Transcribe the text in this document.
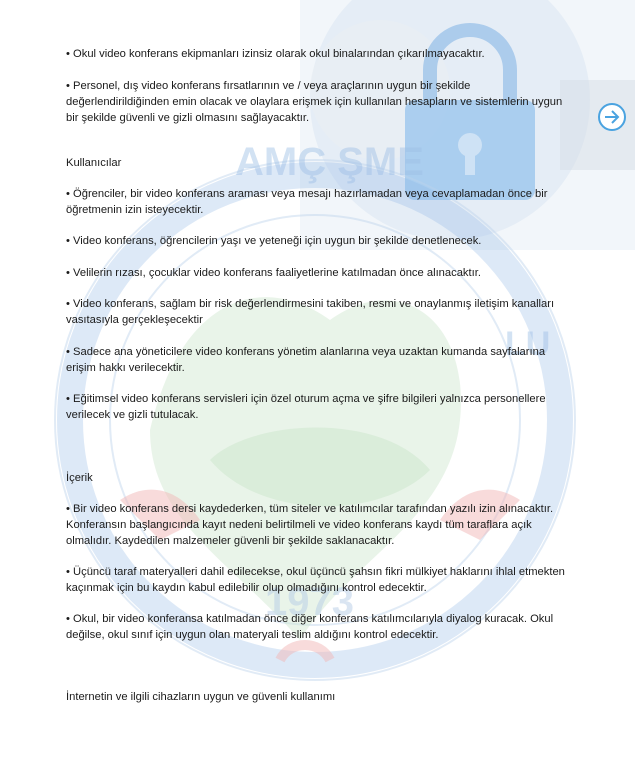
AMÇ ŞME
LU
1973

• Okul video konferans ekipmanları izinsiz olarak okul binalarından çıkarılmayacaktır.

• Personel, dış video konferans fırsatlarının ve / veya araçlarının uygun bir şekilde değerlendirildiğinden emin olacak ve olaylara erişmek için kullanılan hesapların ve sistemlerin uygun bir şekilde güvenli ve gizli olmasını sağlayacaktır.

Kullanıcılar

• Öğrenciler, bir video konferans araması veya mesajı hazırlamadan veya cevaplamadan önce bir öğretmenin izin isteyecektir.

• Video konferans, öğrencilerin yaşı ve yeteneği için uygun bir şekilde denetlenecek.

• Velilerin rızası, çocuklar video konferans faaliyetlerine katılmadan önce alınacaktır.

• Video konferans, sağlam bir risk değerlendirmesini takiben, resmi ve onaylanmış iletişim kanalları vasıtasıyla gerçekleşecektir

• Sadece ana yöneticilere video konferans yönetim alanlarına veya uzaktan kumanda sayfalarına erişim hakkı verilecektir.

• Eğitimsel video konferans servisleri için özel oturum açma ve şifre bilgileri yalnızca personellere verilecek ve gizli tutulacak.

İçerik

• Bir video konferans dersi kaydederken, tüm siteler ve katılımcılar tarafından yazılı izin alınacaktır. Konferansın başlangıcında kayıt nedeni belirtilmeli ve video konferans kaydı tüm taraflara açık olmalıdır. Kaydedilen malzemeler güvenli bir şekilde saklanacaktır.

• Üçüncü taraf materyalleri dahil edilecekse, okul üçüncü şahsın fikri mülkiyet haklarını ihlal etmekten kaçınmak için bu kaydın kabul edilebilir olup olmadığını kontrol edecektir.

• Okul, bir video konferansa katılmadan önce diğer konferans katılımcılarıyla diyalog kuracak. Okul değilse, okul sınıf için uygun olan materyali teslim aldığını kontrol edecektir.

İnternetin ve ilgili cihazların uygun ve güvenli kullanımı
